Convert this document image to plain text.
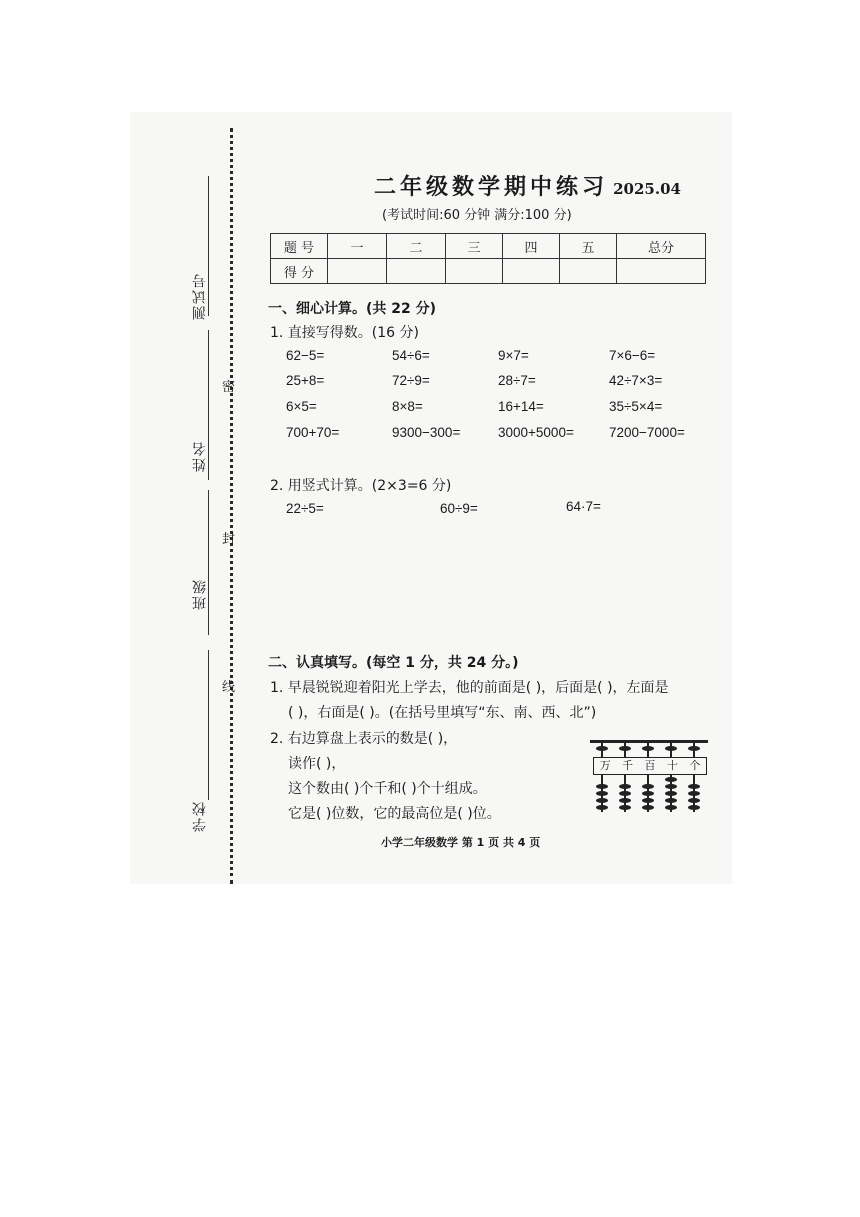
测试号
姓名
班级
学校
密
封
线
二年级数学期中练习 2025.04
(考试时间:60 分钟 满分:100 分)
题 号	一	二	三	四	五	总分
得 分						
一、细心计算。(共 22 分)
1. 直接写得数。(16 分)
62−5=	54÷6=	9×7=	7×6−6=
25+8=	72÷9=	28÷7=	42÷7×3=
6×5=	8×8=	16+14=	35÷5×4=
700+70=	9300−300=	3000+5000=	7200−7000=
2. 用竖式计算。(2×3=6 分)
22÷5=	60÷9=	64·7=
二、认真填写。(每空 1 分，共 24 分。)
1. 早晨锐锐迎着阳光上学去，他的前面是( )，后面是( )，左面是
( )，右面是( )。(在括号里填写“东、南、西、北”)
2. 右边算盘上表示的数是( )，
读作( )，
这个数由( )个千和( )个十组成。
它是( )位数，它的最高位是( )位。
万	千	百	十	个
小学二年级数学 第 1 页 共 4 页
